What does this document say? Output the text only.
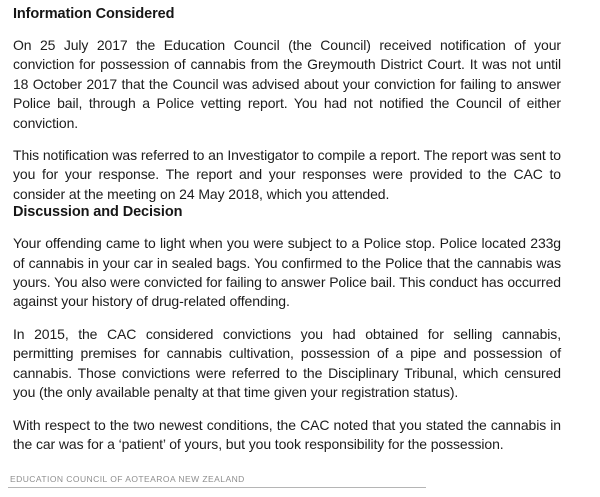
Information Considered

On 25 July 2017 the Education Council (the Council) received notification of your conviction for possession of cannabis from the Greymouth District Court. It was not until 18 October 2017 that the Council was advised about your conviction for failing to answer Police bail, through a Police vetting report. You had not notified the Council of either conviction.

This notification was referred to an Investigator to compile a report. The report was sent to you for your response. The report and your responses were provided to the CAC to consider at the meeting on 24 May 2018, which you attended.

Discussion and Decision

Your offending came to light when you were subject to a Police stop. Police located 233g of cannabis in your car in sealed bags. You confirmed to the Police that the cannabis was yours. You also were convicted for failing to answer Police bail. This conduct has occurred against your history of drug-related offending.

In 2015, the CAC considered convictions you had obtained for selling cannabis, permitting premises for cannabis cultivation, possession of a pipe and possession of cannabis. Those convictions were referred to the Disciplinary Tribunal, which censured you (the only available penalty at that time given your registration status).

With respect to the two newest conditions, the CAC noted that you stated the cannabis in the car was for a ‘patient’ of yours, but you took responsibility for the possession.

EDUCATION COUNCIL OF AOTEAROA NEW ZEALAND
